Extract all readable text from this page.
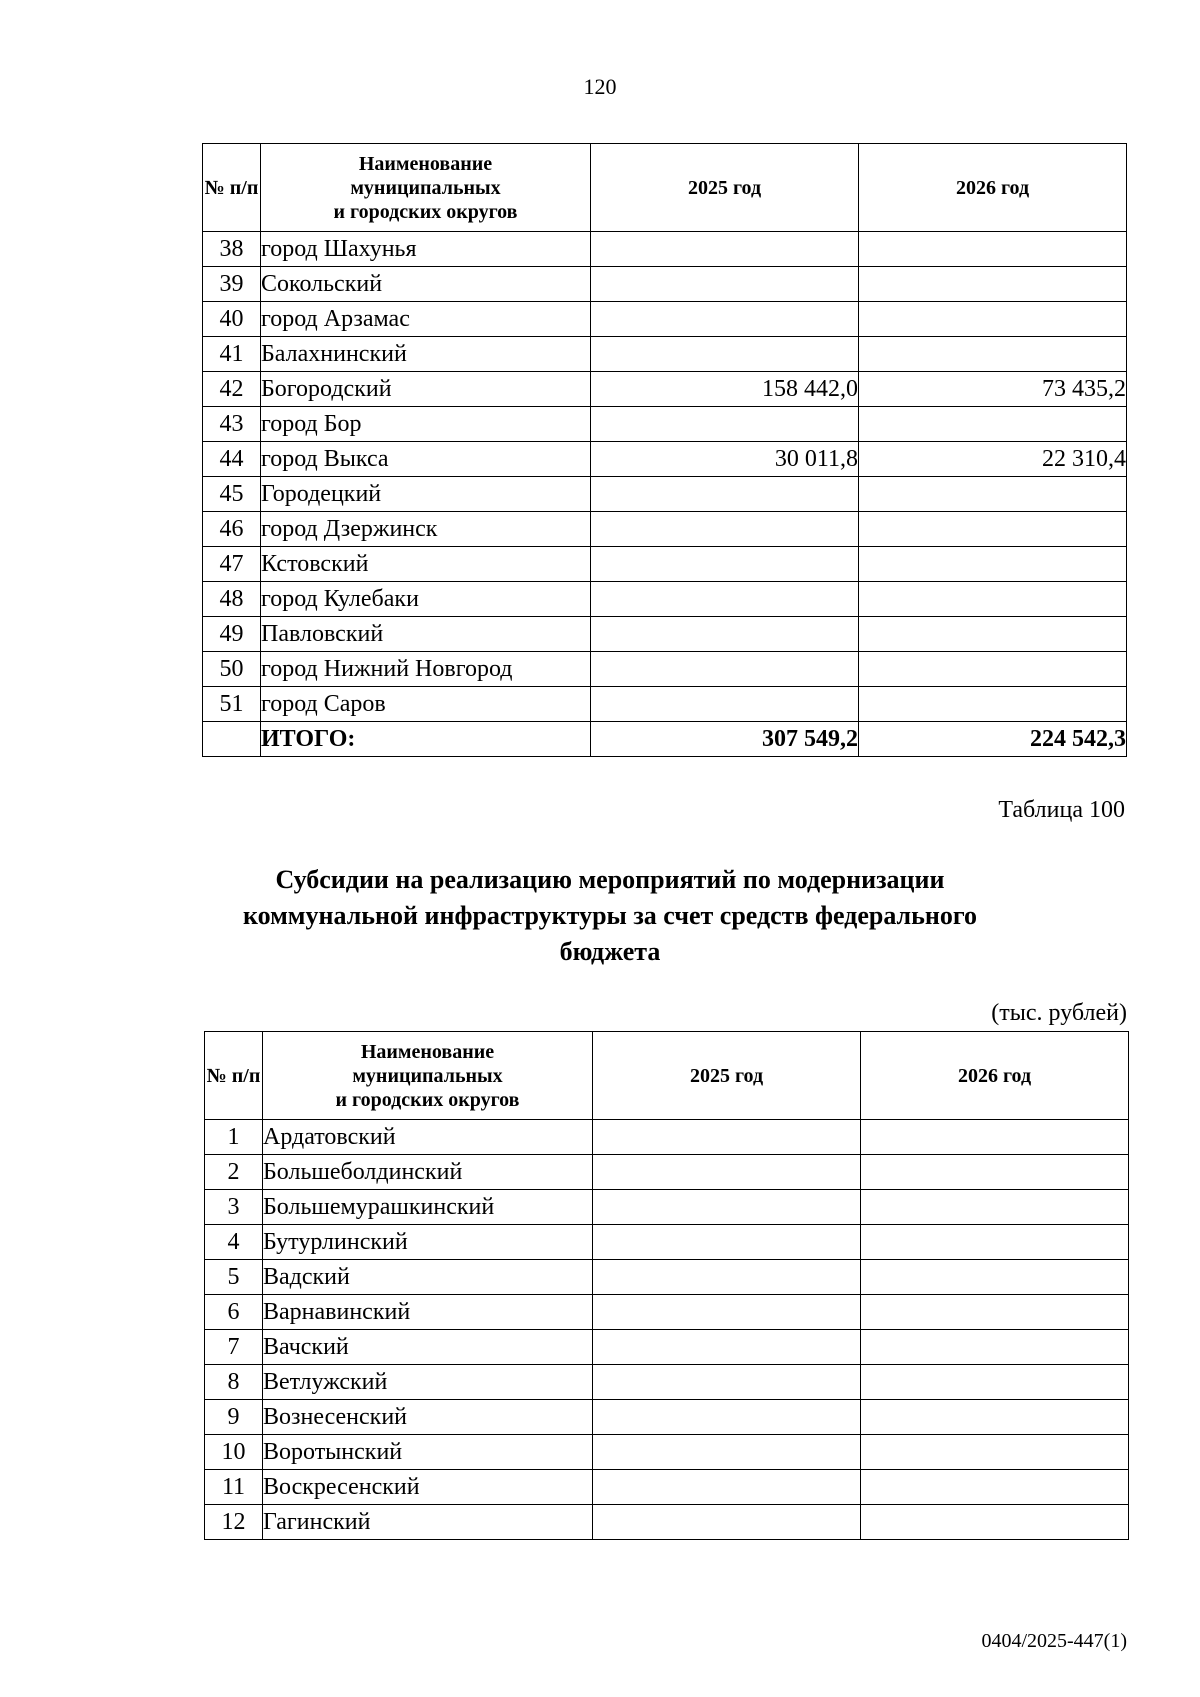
120
№ п/п	Наименование
муниципальных
и городских округов	2025 год	2026 год
38	город Шахунья		
39	Сокольский		
40	город Арзамас		
41	Балахнинский		
42	Богородский	158 442,0	73 435,2
43	город Бор		
44	город Выкса	30 011,8	22 310,4
45	Городецкий		
46	город Дзержинск		
47	Кстовский		
48	город Кулебаки		
49	Павловский		
50	город Нижний Новгород		
51	город Саров		
	ИТОГО:	307 549,2	224 542,3
Таблица 100
Субсидии на реализацию мероприятий по модернизации
коммунальной инфраструктуры за счет средств федерального
бюджета
(тыс. рублей)
№ п/п	Наименование
муниципальных
и городских округов	2025 год	2026 год
1	Ардатовский		
2	Большеболдинский		
3	Большемурашкинский		
4	Бутурлинский		
5	Вадский		
6	Варнавинский		
7	Вачский		
8	Ветлужский		
9	Вознесенский		
10	Воротынский		
11	Воскресенский		
12	Гагинский		
0404/2025-447(1)
